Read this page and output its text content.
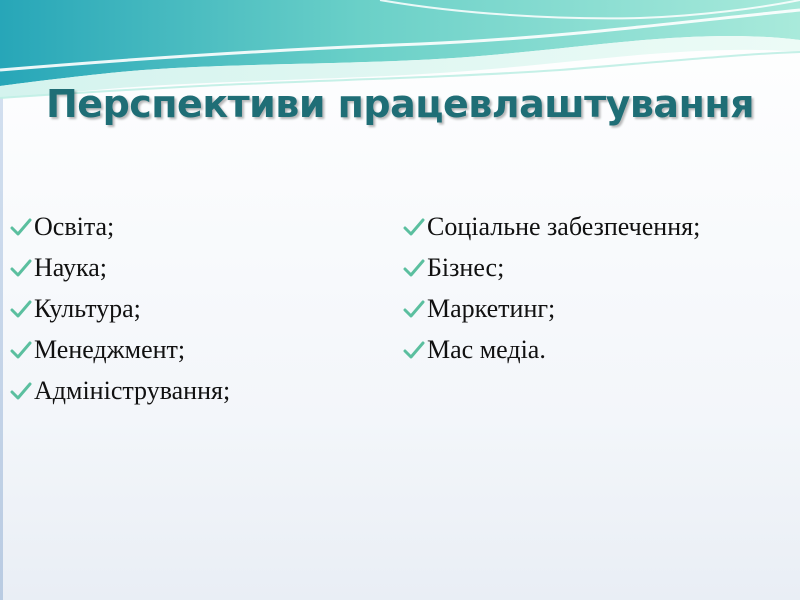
Перспективи працевлаштування
Освіта;
Наука;
Культура;
Менеджмент;
Адміністрування;
Соціальне забезпечення;
Бізнес;
Маркетинг;
Мас медіа.
